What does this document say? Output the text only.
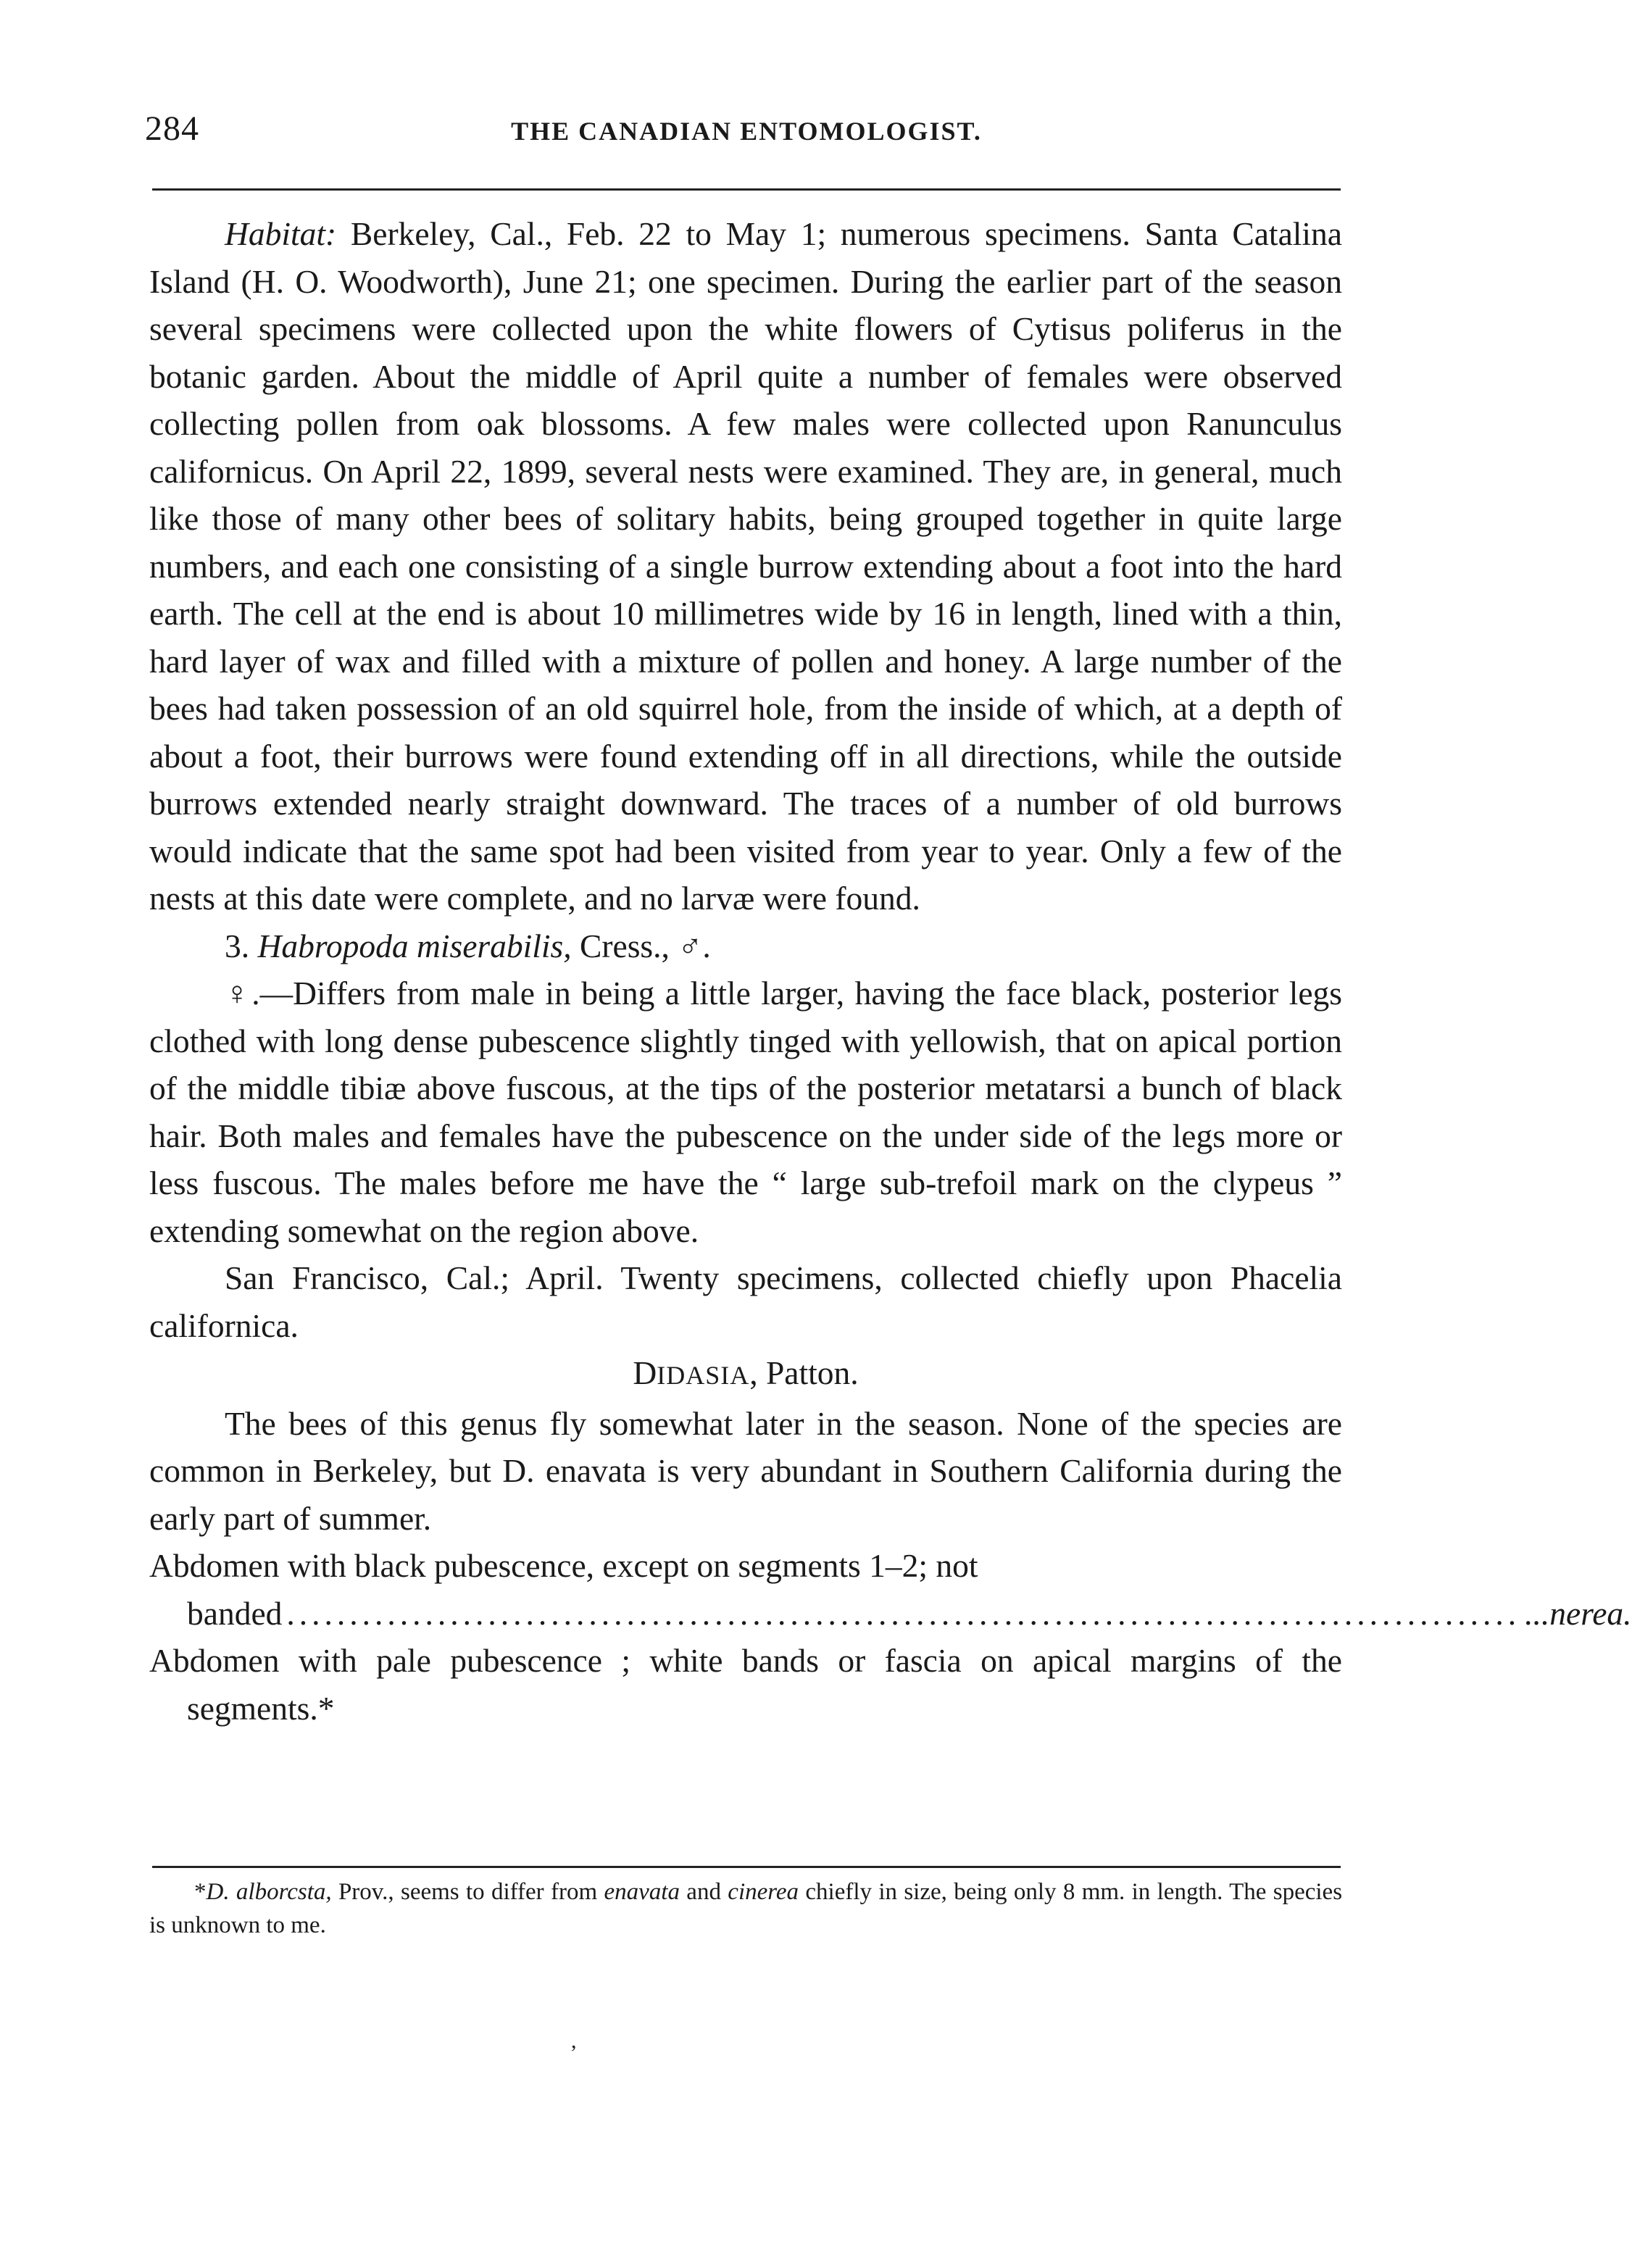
284	THE CANADIAN ENTOMOLOGIST.

Habitat: Berkeley, Cal., Feb. 22 to May 1; numerous specimens. Santa Catalina Island (H. O. Woodworth), June 21; one specimen. During the earlier part of the season several specimens were collected upon the white flowers of Cytisus poliferus in the botanic garden. About the middle of April quite a number of females were observed collecting pollen from oak blossoms. A few males were collected upon Ranunculus californicus. On April 22, 1899, several nests were examined. They are, in general, much like those of many other bees of solitary habits, being grouped together in quite large numbers, and each one consisting of a single burrow extending about a foot into the hard earth. The cell at the end is about 10 millimetres wide by 16 in length, lined with a thin, hard layer of wax and filled with a mixture of pollen and honey. A large number of the bees had taken possession of an old squirrel hole, from the inside of which, at a depth of about a foot, their burrows were found extending off in all directions, while the outside burrows extended nearly straight downward. The traces of a number of old burrows would indicate that the same spot had been visited from year to year. Only a few of the nests at this date were complete, and no larvæ were found.

3. Habropoda miserabilis, Cress., ♂.

♀.—Differs from male in being a little larger, having the face black, posterior legs clothed with long dense pubescence slightly tinged with yellowish, that on apical portion of the middle tibiæ above fuscous, at the tips of the posterior metatarsi a bunch of black hair. Both males and females have the pubescence on the under side of the legs more or less fuscous. The males before me have the “ large sub-trefoil mark on the clypeus ” extending somewhat on the region above.

San Francisco, Cal.; April. Twenty specimens, collected chiefly upon Phacelia californica.

DIDASIA, Patton.

The bees of this genus fly somewhat later in the season. None of the species are common in Berkeley, but D. enavata is very abundant in Southern California during the early part of summer.

Abdomen with black pubescence, except on segments 1–2; not

banded .................................................................................................. ...nerea.

Abdomen with pale pubescence ; white bands or fascia on apical margins of the segments.*

*D. alborcsta, Prov., seems to differ from enavata and cinerea chiefly in size, being only 8 mm. in length. The species is unknown to me.
,
